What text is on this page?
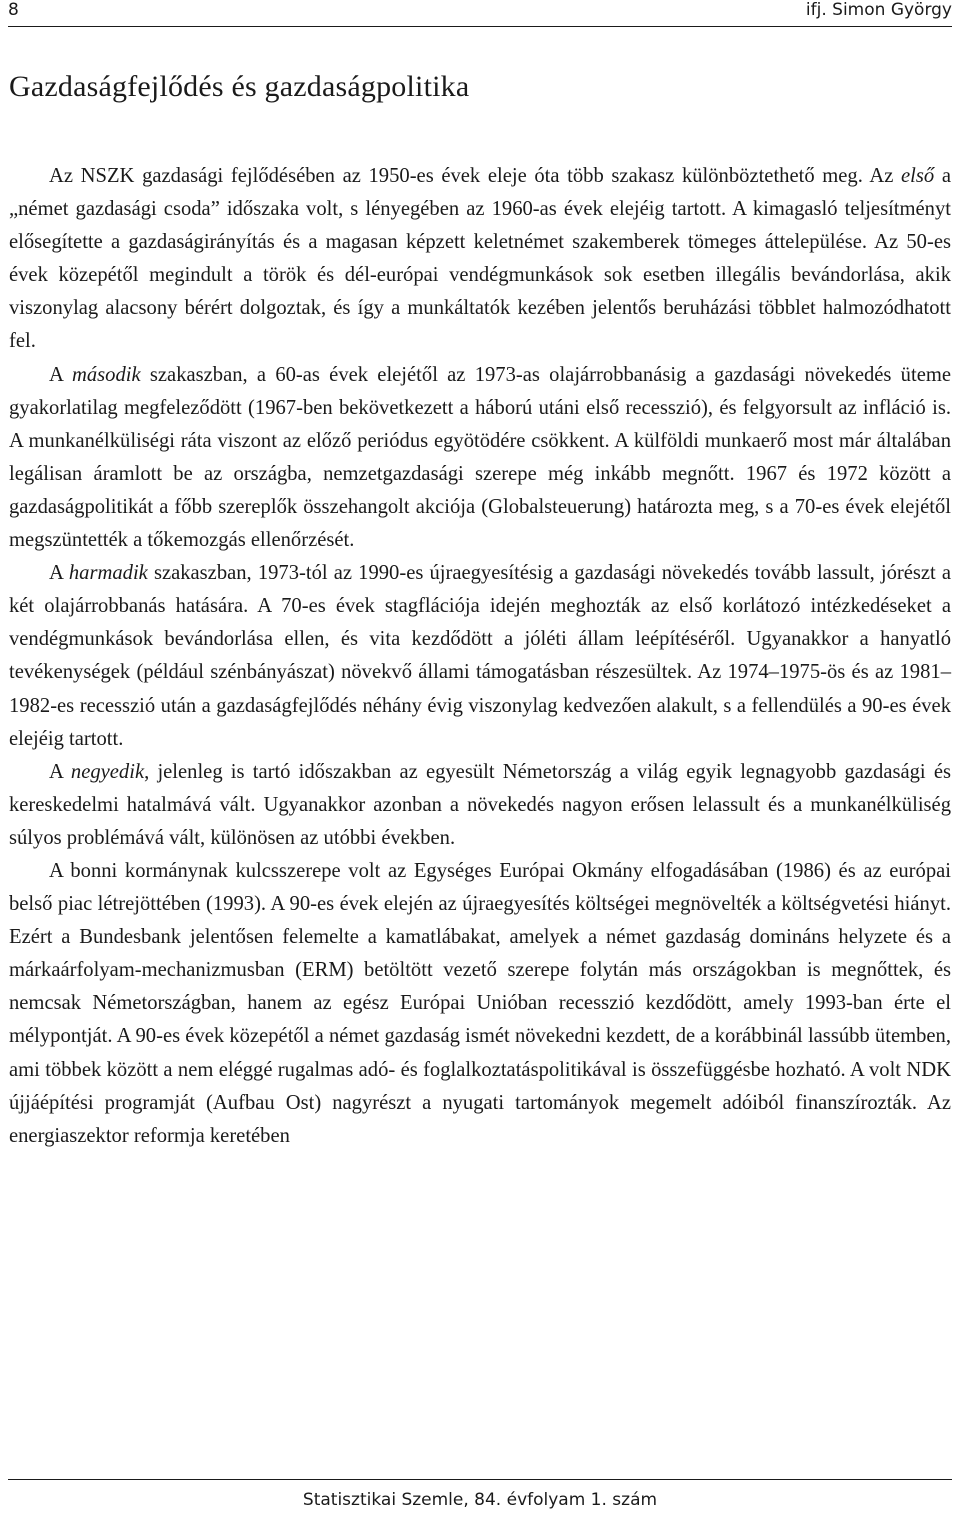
8	ifj. Simon György
Gazdaságfejlődés és gazdaságpolitika

Az NSZK gazdasági fejlődésében az 1950-es évek eleje óta több szakasz különböztethető meg. Az első a „német gazdasági csoda” időszaka volt, s lényegében az 1960-as évek elejéig tartott. A kimagasló teljesítményt elősegítette a gazdaságirányítás és a magasan képzett keletnémet szakemberek tömeges áttelepülése. Az 50-es évek közepétől megindult a török és dél-európai vendégmunkások sok esetben illegális bevándorlása, akik viszonylag alacsony bérért dolgoztak, és így a munkáltatók kezében jelentős beruházási többlet halmozódhatott fel.

A második szakaszban, a 60-as évek elejétől az 1973-as olajárrobbanásig a gazdasági növekedés üteme gyakorlatilag megfeleződött (1967-ben bekövetkezett a háború utáni első recesszió), és felgyorsult az infláció is. A munkanélküliségi ráta viszont az előző periódus egyötödére csökkent. A külföldi munkaerő most már általában legálisan áramlott be az országba, nemzetgazdasági szerepe még inkább megnőtt. 1967 és 1972 között a gazdaságpolitikát a főbb szereplők összehangolt akciója (Globalsteuerung) határozta meg, s a 70-es évek elejétől megszüntették a tőkemozgás ellenőrzését.

A harmadik szakaszban, 1973-tól az 1990-es újraegyesítésig a gazdasági növekedés tovább lassult, jórészt a két olajárrobbanás hatására. A 70-es évek stagflációja idején meghozták az első korlátozó intézkedéseket a vendégmunkások bevándorlása ellen, és vita kezdődött a jóléti állam leépítéséről. Ugyanakkor a hanyatló tevékenységek (például szénbányászat) növekvő állami támogatásban részesültek. Az 1974–1975-ös és az 1981–1982-es recesszió után a gazdaságfejlődés néhány évig viszonylag kedvezően alakult, s a fellendülés a 90-es évek elejéig tartott.

A negyedik, jelenleg is tartó időszakban az egyesült Németország a világ egyik legnagyobb gazdasági és kereskedelmi hatalmává vált. Ugyanakkor azonban a növekedés nagyon erősen lelassult és a munkanélküliség súlyos problémává vált, különösen az utóbbi években.

A bonni kormánynak kulcsszerepe volt az Egységes Európai Okmány elfogadásában (1986) és az európai belső piac létrejöttében (1993). A 90-es évek elején az újraegyesítés költségei megnövelték a költségvetési hiányt. Ezért a Bundesbank jelentősen felemelte a kamatlábakat, amelyek a német gazdaság domináns helyzete és a márkaárfolyam-mechanizmusban (ERM) betöltött vezető szerepe folytán más országokban is megnőttek, és nemcsak Németországban, hanem az egész Európai Unióban recesszió kezdődött, amely 1993-ban érte el mélypontját. A 90-es évek közepétől a német gazdaság ismét növekedni kezdett, de a korábbinál lassúbb ütemben, ami többek között a nem eléggé rugalmas adó- és foglalkoztatáspolitikával is összefüggésbe hozható. A volt NDK újjáépítési programját (Aufbau Ost) nagyrészt a nyugati tartományok megemelt adóiból finanszírozták. Az energiaszektor reformja keretében

Statisztikai Szemle, 84. évfolyam 1. szám
